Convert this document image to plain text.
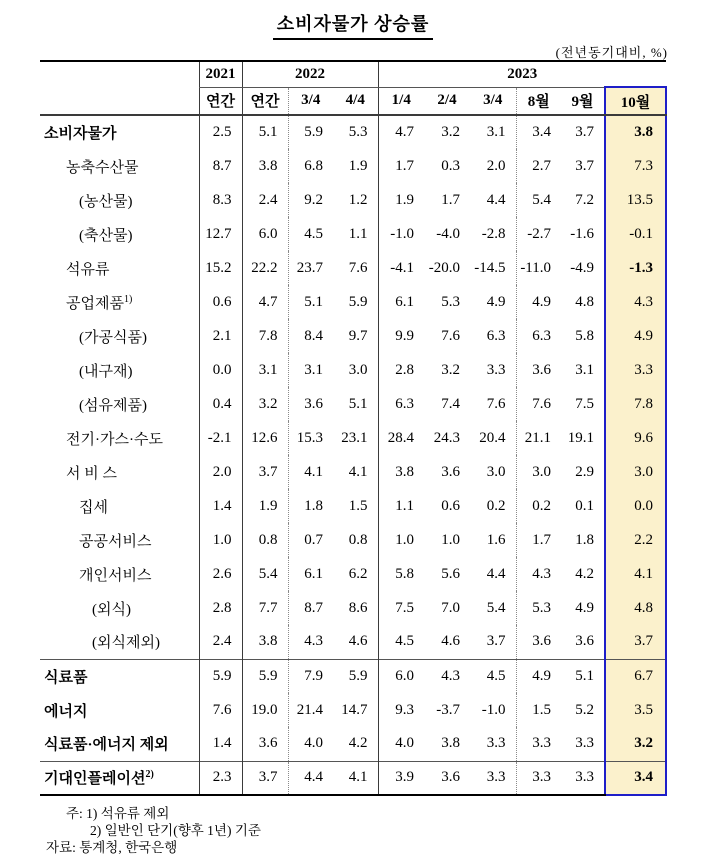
소비자물가 상승률
(전년동기대비, %)
	2021	2022			2023					
	연간	연간	3/4	4/4	1/4	2/4	3/4	8월	9월	10월
소비자물가	2.5	5.1	5.9	5.3	4.7	3.2	3.1	3.4	3.7	3.8
농축수산물	8.7	3.8	6.8	1.9	1.7	0.3	2.0	2.7	3.7	7.3
(농산물)	8.3	2.4	9.2	1.2	1.9	1.7	4.4	5.4	7.2	13.5
(축산물)	12.7	6.0	4.5	1.1	-1.0	-4.0	-2.8	-2.7	-1.6	-0.1
석유류	15.2	22.2	23.7	7.6	-4.1	-20.0	-14.5	-11.0	-4.9	-1.3
공업제품$^{1)}$	0.6	4.7	5.1	5.9	6.1	5.3	4.9	4.9	4.8	4.3
(가공식품)	2.1	7.8	8.4	9.7	9.9	7.6	6.3	6.3	5.8	4.9
(내구재)	0.0	3.1	3.1	3.0	2.8	3.2	3.3	3.6	3.1	3.3
(섬유제품)	0.4	3.2	3.6	5.1	6.3	7.4	7.6	7.6	7.5	7.8
전기·가스·수도	-2.1	12.6	15.3	23.1	28.4	24.3	20.4	21.1	19.1	9.6
서 비 스	2.0	3.7	4.1	4.1	3.8	3.6	3.0	3.0	2.9	3.0
집세	1.4	1.9	1.8	1.5	1.1	0.6	0.2	0.2	0.1	0.0
공공서비스	1.0	0.8	0.7	0.8	1.0	1.0	1.6	1.7	1.8	2.2
개인서비스	2.6	5.4	6.1	6.2	5.8	5.6	4.4	4.3	4.2	4.1
(외식)	2.8	7.7	8.7	8.6	7.5	7.0	5.4	5.3	4.9	4.8
(외식제외)	2.4	3.8	4.3	4.6	4.5	4.6	3.7	3.6	3.6	3.7
식료품	5.9	5.9	7.9	5.9	6.0	4.3	4.5	4.9	5.1	6.7
에너지	7.6	19.0	21.4	14.7	9.3	-3.7	-1.0	1.5	5.2	3.5
식료품·에너지 제외	1.4	3.6	4.0	4.2	4.0	3.8	3.3	3.3	3.3	3.2
기대인플레이션$^{2)}$	2.3	3.7	4.4	4.1	3.9	3.6	3.3	3.3	3.3	3.4
주: 1) 석유류 제외
2) 일반인 단기(향후 1년) 기준
자료: 통계청, 한국은행
